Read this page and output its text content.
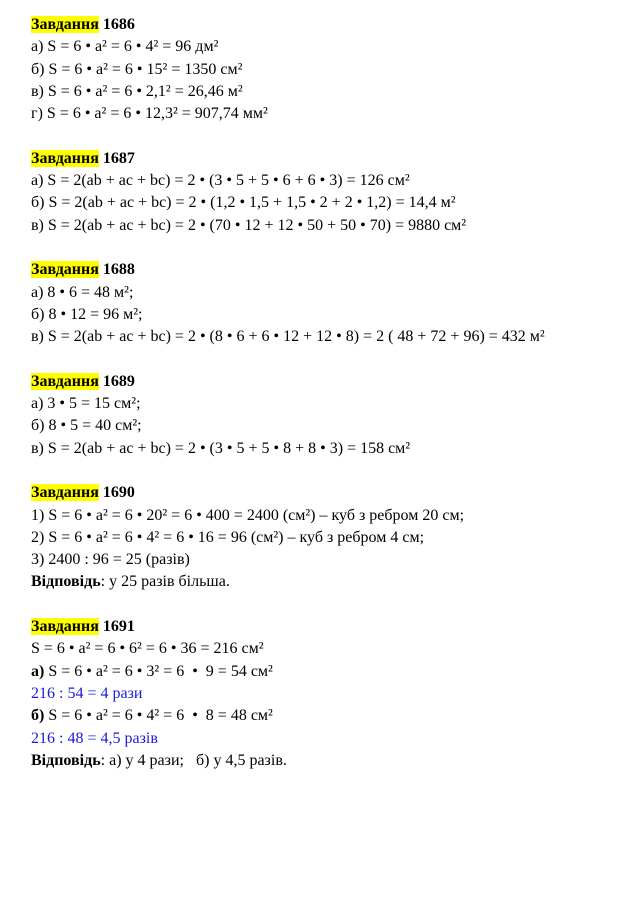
Завдання 1686
а) S = 6 • a² = 6 • 4² = 96 дм²
б) S = 6 • a² = 6 • 15² = 1350 см²
в) S = 6 • a² = 6 • 2,1² = 26,46 м²
г) S = 6 • a² = 6 • 12,3² = 907,74 мм²
Завдання 1687
а) S = 2(ab + ac + bc) = 2 • (3 • 5 + 5 • 6 + 6 • 3) = 126 см²
б) S = 2(ab + ac + bc) = 2 • (1,2 • 1,5 + 1,5 • 2 + 2 • 1,2) = 14,4 м²
в) S = 2(ab + ac + bc) = 2 • (70 • 12 + 12 • 50 + 50 • 70) = 9880 см²
Завдання 1688
а) 8 • 6 = 48 м²;
б) 8 • 12 = 96 м²;
в) S = 2(ab + ac + bc) = 2 • (8 • 6 + 6 • 12 + 12 • 8) = 2 ( 48 + 72 + 96) = 432 м²
Завдання 1689
а) 3 • 5 = 15 см²;
б) 8 • 5 = 40 см²;
в) S = 2(ab + ac + bc) = 2 • (3 • 5 + 5 • 8 + 8 • 3) = 158 см²
Завдання 1690
1) S = 6 • a² = 6 • 20² = 6 • 400 = 2400 (см²) – куб з ребром 20 см;
2) S = 6 • a² = 6 • 4² = 6 • 16 = 96 (см²) – куб з ребром 4 см;
3) 2400 : 96 = 25 (разів)
Відповідь: у 25 разів більша.
Завдання 1691
S = 6 • a² = 6 • 6² = 6 • 36 = 216 см²
а) S = 6 • a² = 6 • 3² = 6  •  9 = 54 см²
216 : 54 = 4 рази
б) S = 6 • a² = 6 • 4² = 6  •  8 = 48 см²
216 : 48 = 4,5 разів
Відповідь: а) у 4 рази;   б) у 4,5 разів.
